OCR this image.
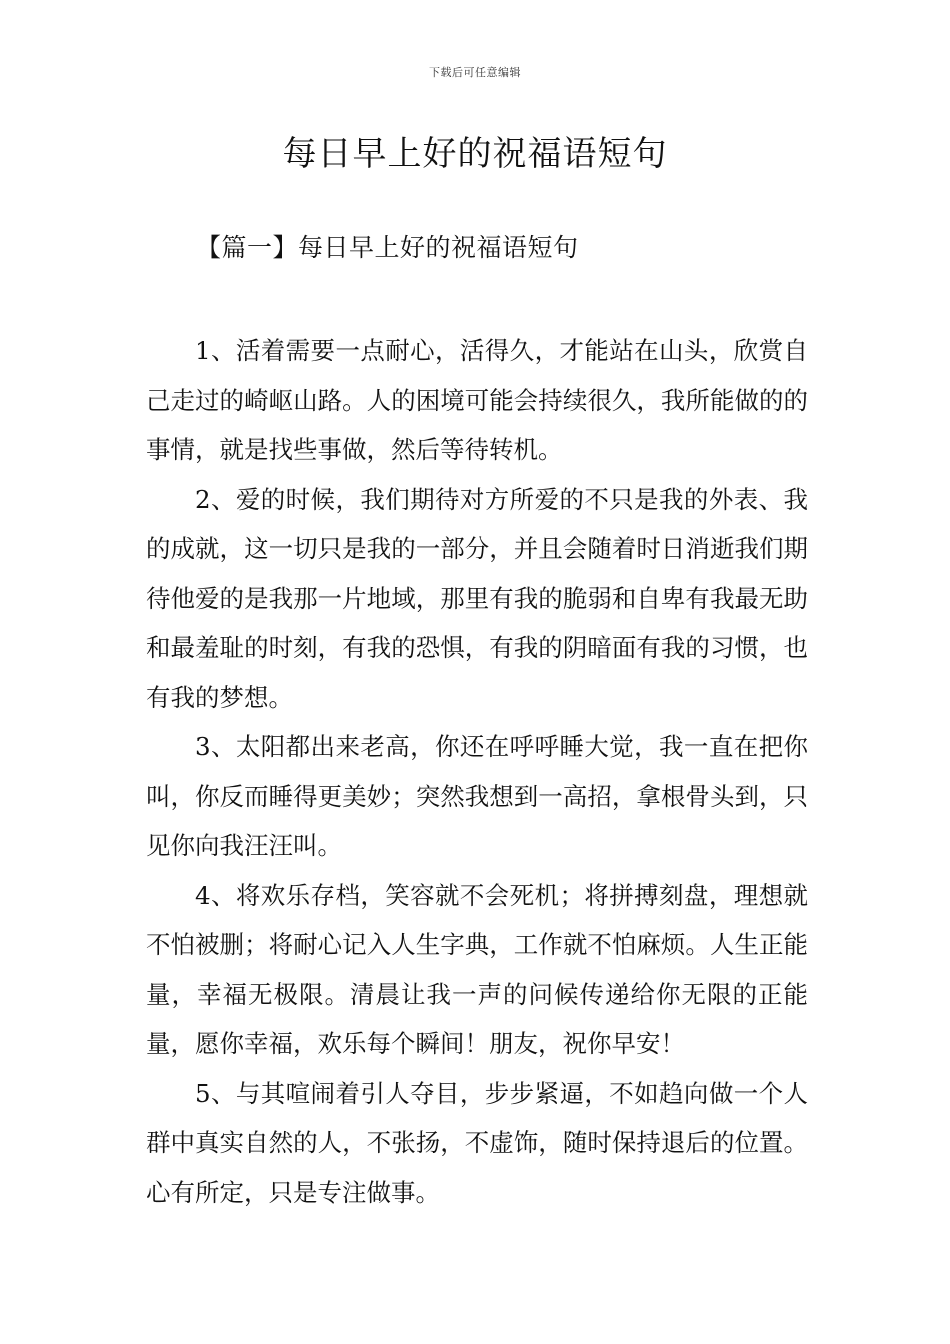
下载后可任意编辑
每日早上好的祝福语短句
【篇一】每日早上好的祝福语短句

1、活着需要一点耐心，活得久，才能站在山头，欣赏自己走过的崎岖山路。人的困境可能会持续很久，我所能做的的事情，就是找些事做，然后等待转机。

2、爱的时候，我们期待对方所爱的不只是我的外表、我的成就，这一切只是我的一部分，并且会随着时日消逝我们期待他爱的是我那一片地域，那里有我的脆弱和自卑有我最无助和最羞耻的时刻，有我的恐惧，有我的阴暗面有我的习惯，也有我的梦想。

3、太阳都出来老高，你还在呼呼睡大觉，我一直在把你叫，你反而睡得更美妙；突然我想到一高招，拿根骨头到，只见你向我汪汪叫。

4、将欢乐存档，笑容就不会死机；将拼搏刻盘，理想就不怕被删；将耐心记入人生字典，工作就不怕麻烦。人生正能量，幸福无极限。清晨让我一声的问候传递给你无限的正能量，愿你幸福，欢乐每个瞬间！朋友，祝你早安！

5、与其喧闹着引人夺目，步步紧逼，不如趋向做一个人群中真实自然的人，不张扬，不虚饰，随时保持退后的位置。心有所定，只是专注做事。
